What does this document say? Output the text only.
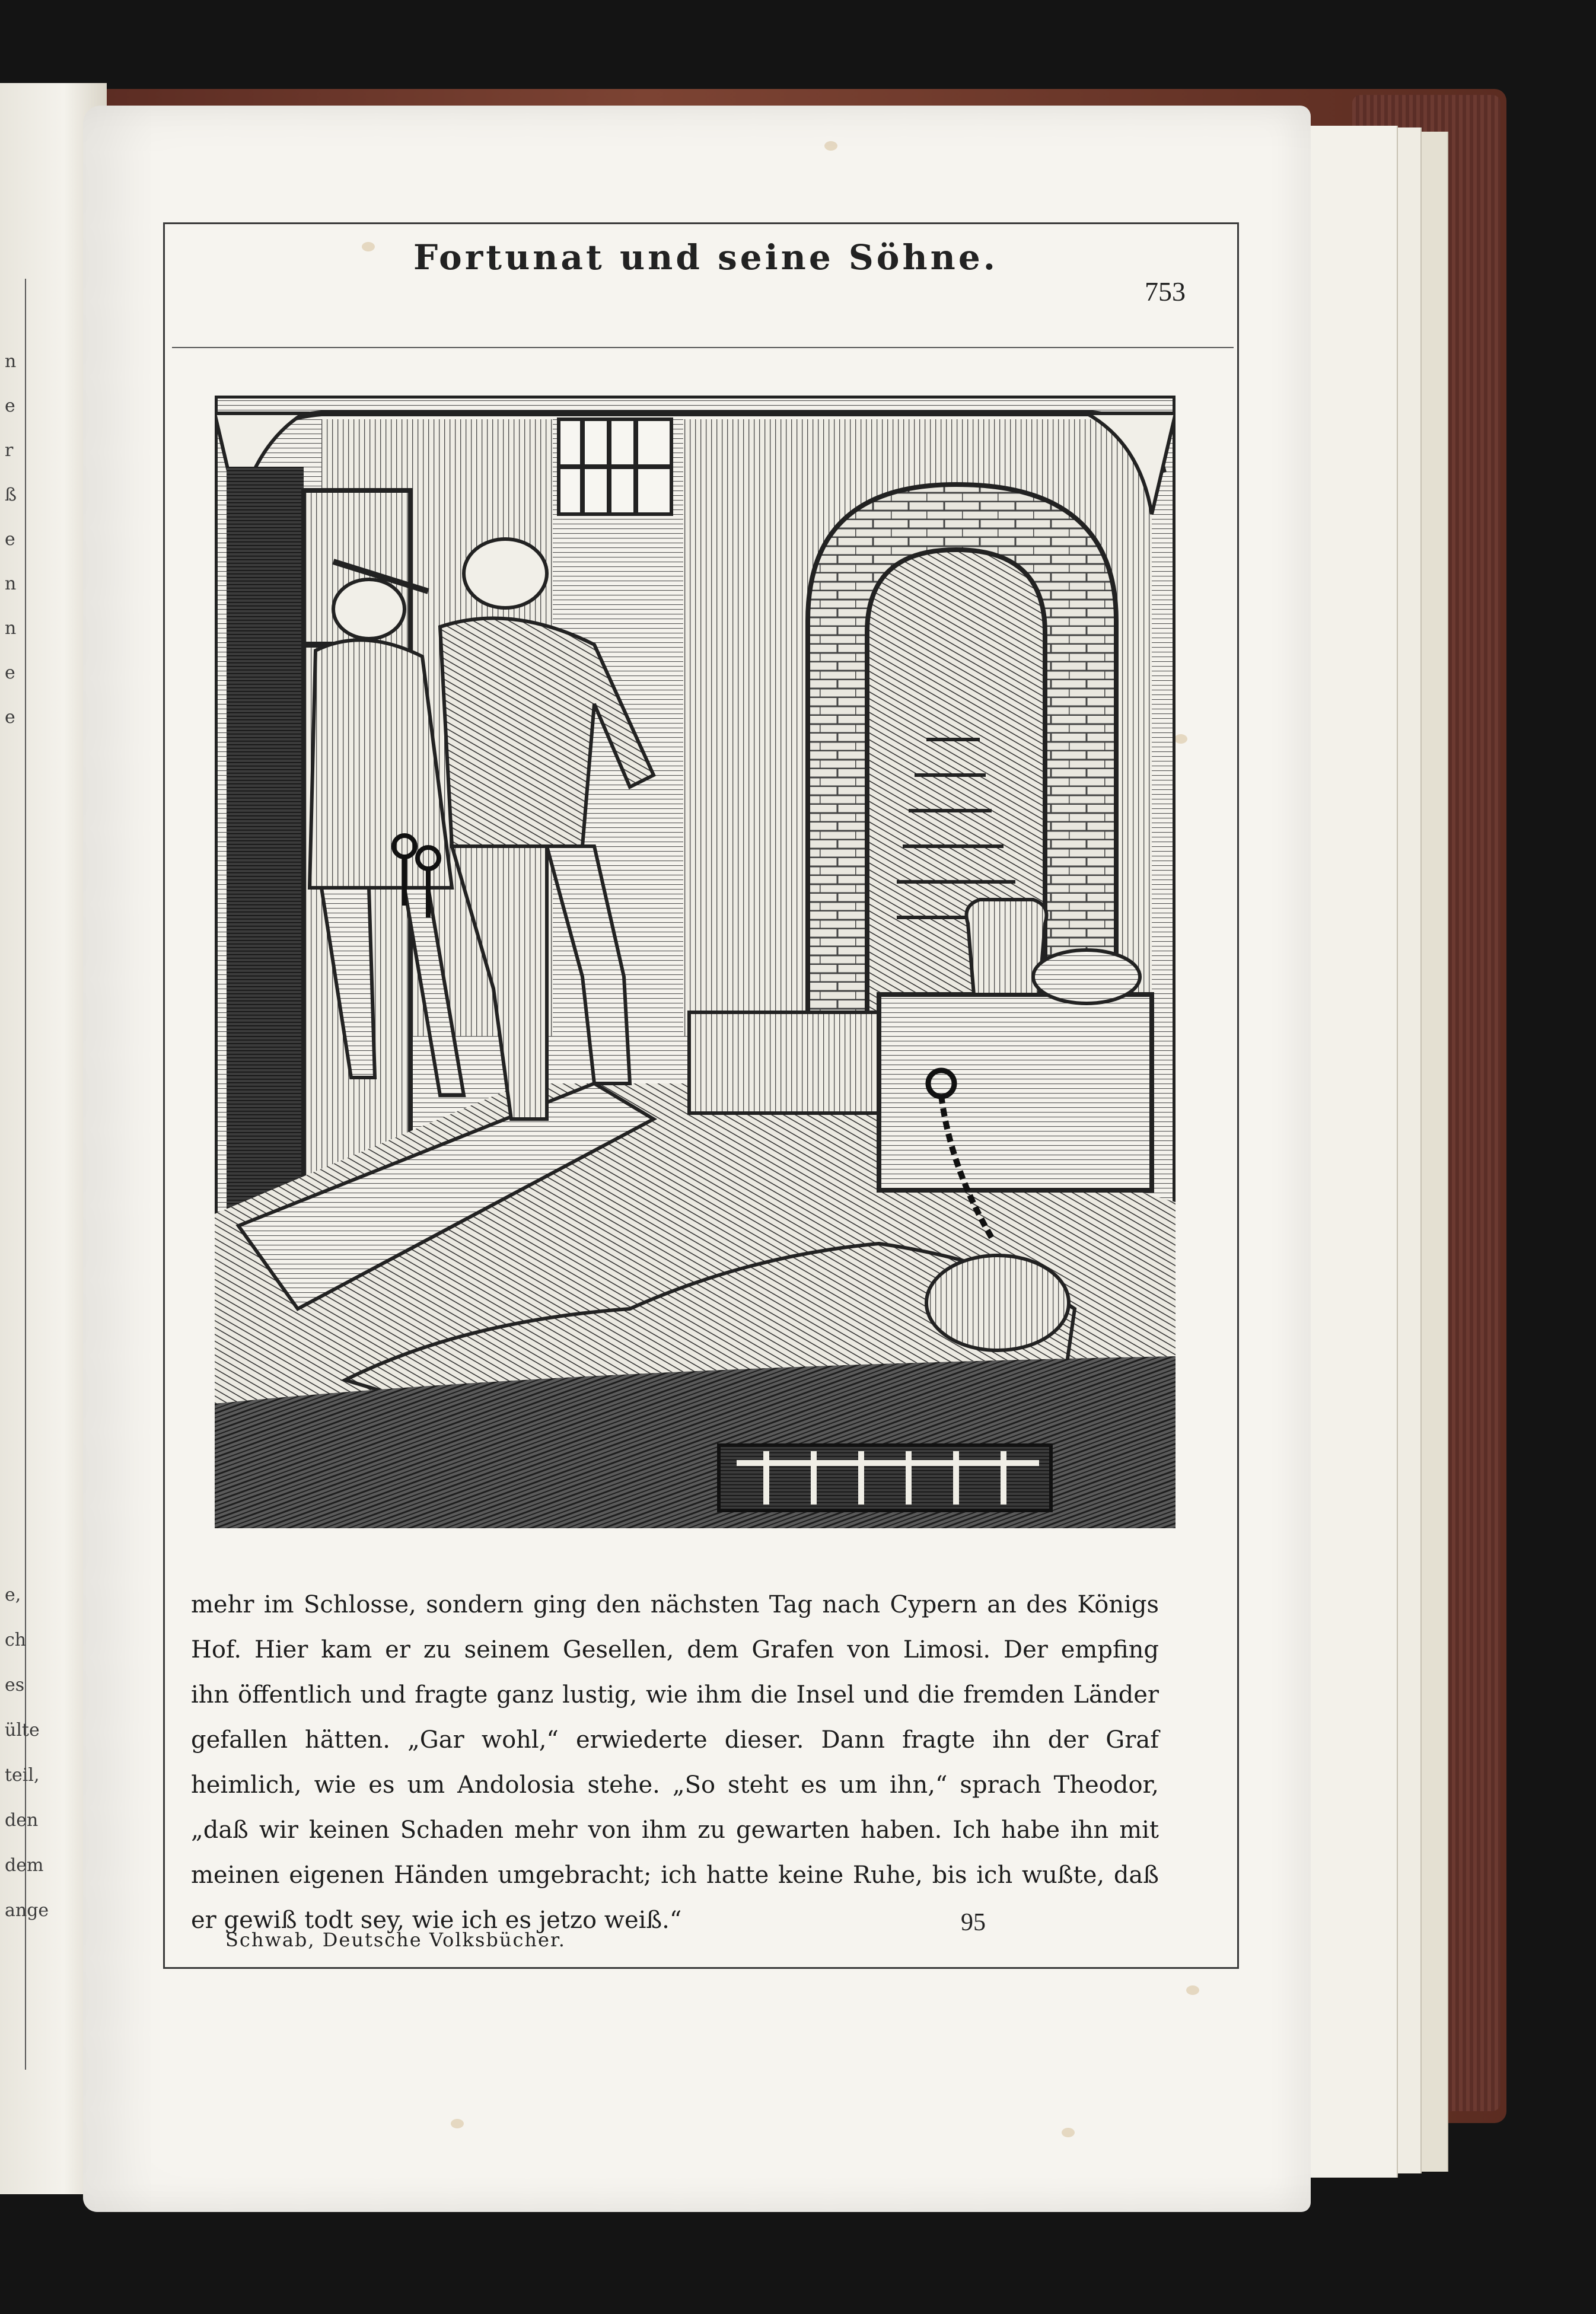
n
e
r
ß
e
n
n
e
e
e,
ch
es
ülte
teil,
den
dem
ange
Fortunat und seine Söhne.
753
mehr im Schlosse, sondern ging den nächsten Tag nach Cypern an des Königs
Hof. Hier kam er zu seinem Gesellen, dem Grafen von Limosi. Der empfing
ihn öffentlich und fragte ganz lustig, wie ihm die Insel und die fremden Länder
gefallen hätten. „Gar wohl,“ erwiederte dieser. Dann fragte ihn der Graf
heimlich, wie es um Andolosia stehe. „So steht es um ihn,“ sprach Theodor,
„daß wir keinen Schaden mehr von ihm zu gewarten haben. Ich habe ihn mit
meinen eigenen Händen umgebracht; ich hatte keine Ruhe, bis ich wußte, daß
er gewiß todt sey, wie ich es jetzo weiß.“
Schwab, Deutsche Volksbücher.
95
